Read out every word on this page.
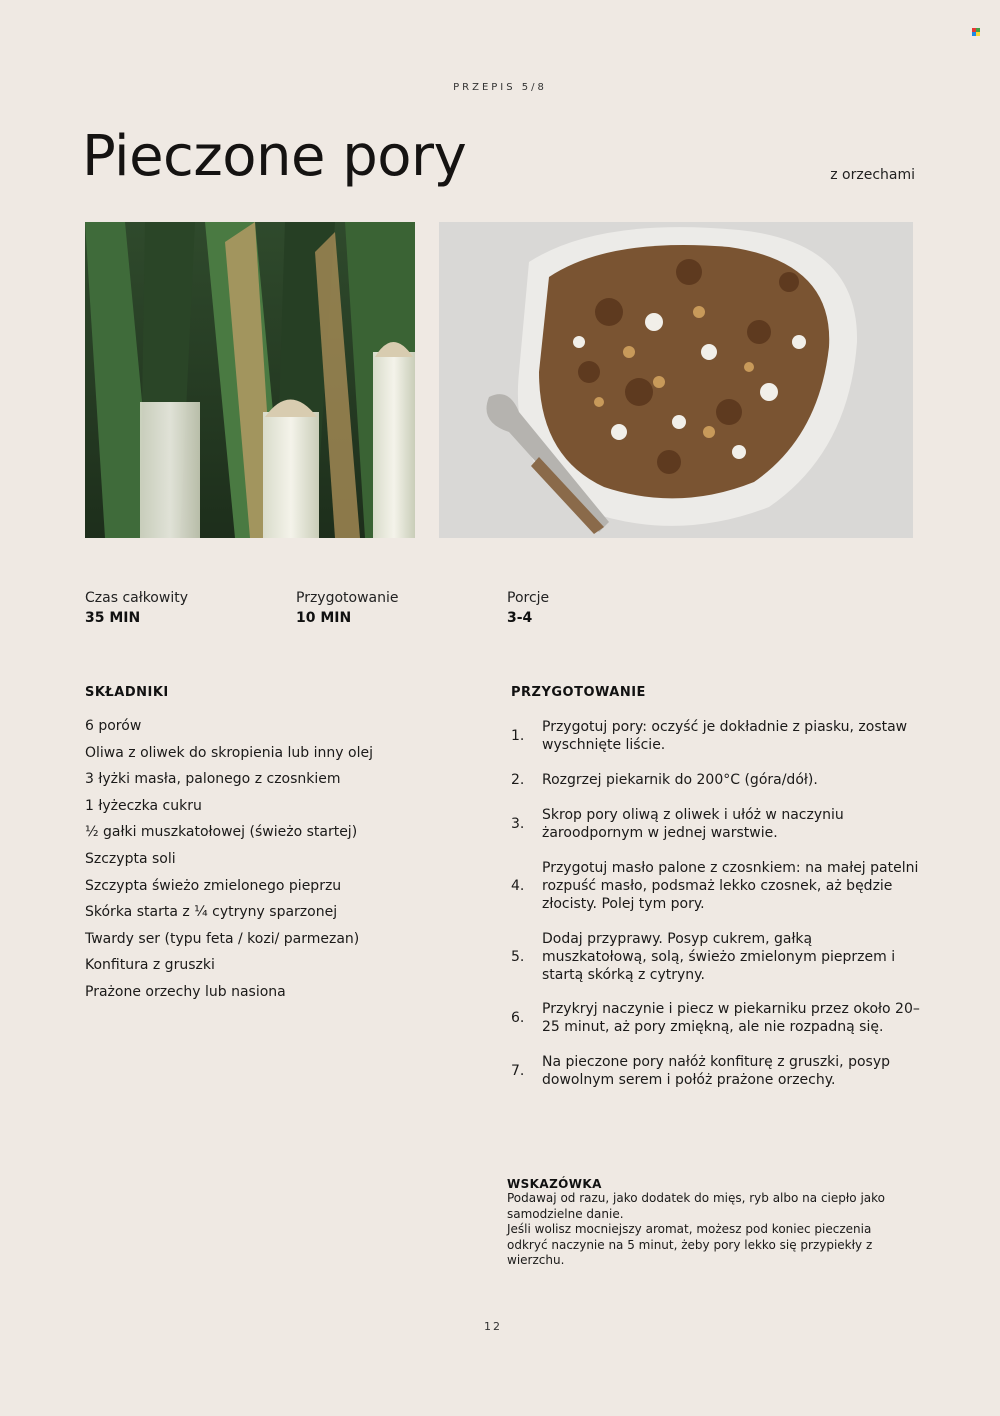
PRZEPIS 5/8
Pieczone pory	z orzechami
Czas całkowity
35 MIN
Przygotowanie
10 MIN
Porcje
3-4
SKŁADNIKI
6 porów
Oliwa z oliwek do skropienia lub inny olej
3 łyżki masła, palonego z czosnkiem
1 łyżeczka cukru
½ gałki muszkatołowej (świeżo startej)
Szczypta soli
Szczypta świeżo zmielonego pieprzu
Skórka starta z ¼ cytryny sparzonej
Twardy ser (typu feta / kozi/ parmezan)
Konfitura z gruszki
Prażone orzechy lub nasiona
PRZYGOTOWANIE
1.
Przygotuj pory: oczyść je dokładnie z piasku, zostaw wyschnięte liście.
2.	Rozgrzej piekarnik do 200°C (góra/dół).
3.
Skrop pory oliwą z oliwek i ułóż w naczyniu żaroodpornym w jednej warstwie.
4.
Przygotuj masło palone z czosnkiem: na małej patelni rozpuść masło, podsmaż lekko czosnek, aż będzie złocisty. Polej tym pory.
5.
Dodaj przyprawy. Posyp cukrem, gałką muszkatołową, solą, świeżo zmielonym pieprzem i startą skórką z cytryny.
6.
Przykryj naczynie i piecz w piekarniku przez około 20–25 minut, aż pory zmiękną, ale nie rozpadną się.
7.
Na pieczone pory nałóż konfiturę z gruszki, posyp dowolnym serem i połóż prażone orzechy.
WSKAZÓWKA
Podawaj od razu, jako dodatek do mięs, ryb albo na ciepło jako samodzielne danie.
Jeśli wolisz mocniejszy aromat, możesz pod koniec pieczenia odkryć naczynie na 5 minut, żeby pory lekko się przypiekły z wierzchu.
12
